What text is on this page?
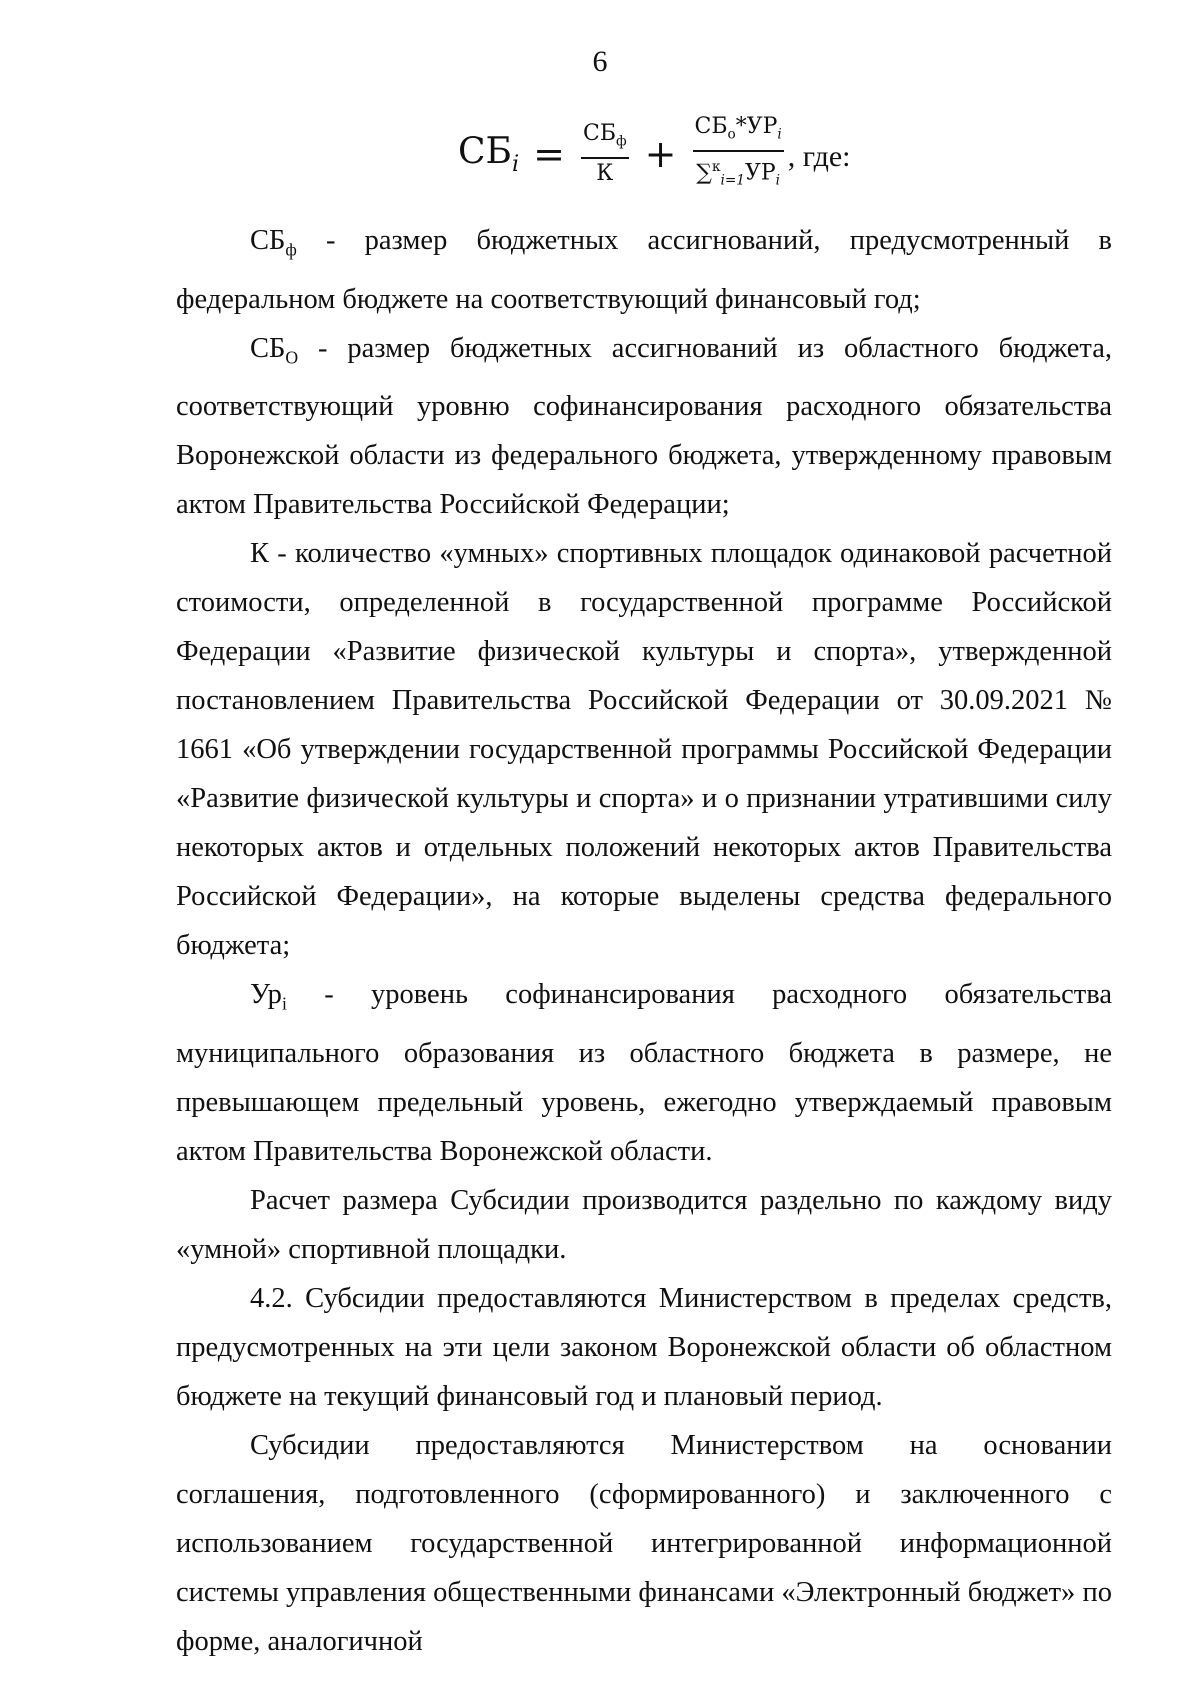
6
$СБ_i = \frac{СБ_ф}{К} + \frac{СБ_о*УР_i}{\sum^к_{i=1}УР_i}$ , где:

$СБ_ф$ - размер бюджетных ассигнований, предусмотренный в федеральном бюджете на соответствующий финансовый год;

$СБ_О$ - размер бюджетных ассигнований из областного бюджета, соответствующий уровню софинансирования расходного обязательства Воронежской области из федерального бюджета, утвержденному правовым актом Правительства Российской Федерации;

К - количество «умных» спортивных площадок одинаковой расчетной стоимости, определенной в государственной программе Российской Федерации «Развитие физической культуры и спорта», утвержденной постановлением Правительства Российской Федерации от 30.09.2021 № 1661 «Об утверждении государственной программы Российской Федерации «Развитие физической культуры и спорта» и о признании утратившими силу некоторых актов и отдельных положений некоторых актов Правительства Российской Федерации», на которые выделены средства федерального бюджета;

$Ур_i$ - уровень софинансирования расходного обязательства муниципального образования из областного бюджета в размере, не превышающем предельный уровень, ежегодно утверждаемый правовым актом Правительства Воронежской области.

Расчет размера Субсидии производится раздельно по каждому виду «умной» спортивной площадки.

4.2. Субсидии предоставляются Министерством в пределах средств, предусмотренных на эти цели законом Воронежской области об областном бюджете на текущий финансовый год и плановый период.

Субсидии предоставляются Министерством на основании соглашения, подготовленного (сформированного) и заключенного с использованием государственной интегрированной информационной системы управления общественными финансами «Электронный бюджет» по форме, аналогичной
